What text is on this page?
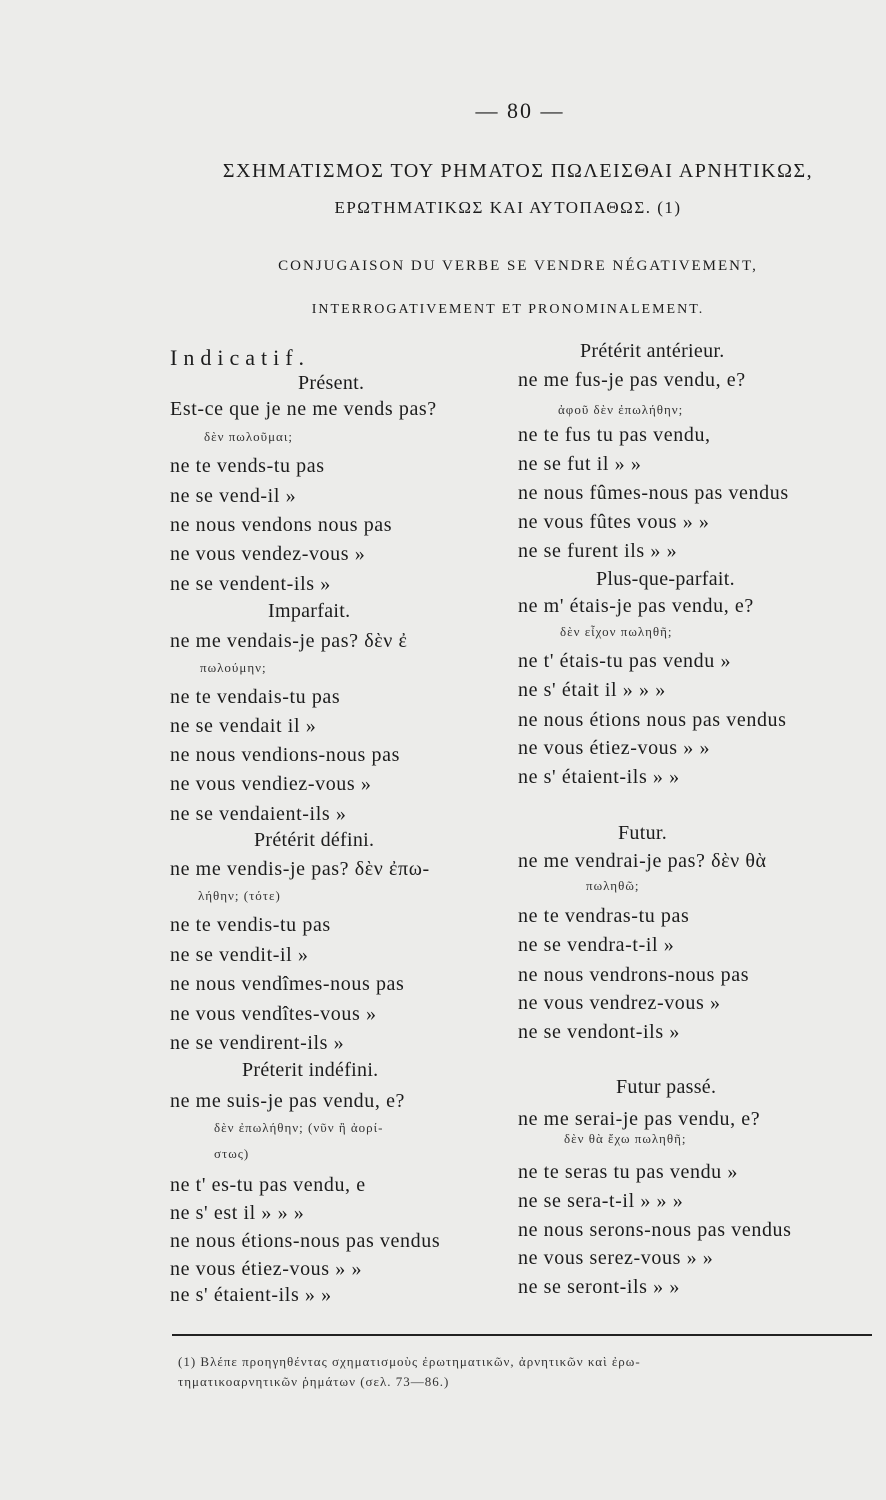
— 80 —
ΣΧΗΜΑΤΙΣΜΟΣ ΤΟΥ ΡΗΜΑΤΟΣ ΠΩΛΕΙΣΘΑΙ ΑΡΝΗΤΙΚΩΣ,
ΕΡΩΤΗΜΑΤΙΚΩΣ ΚΑΙ ΑΥΤΟΠΑΘΩΣ. (1)
CONJUGAISON DU VERBE SE VENDRE NÉGATIVEMENT,
INTERROGATIVEMENT ET PRONOMINALEMENT.
Indicatif.
Présent.
Est-ce que je ne me vends pas?
δὲν πωλοῦμαι;
ne te vends-tu pas
ne se vend-il »
ne nous vendons nous pas
ne vous vendez-vous »
ne se vendent-ils »
Imparfait.
ne me vendais-je pas? δὲν ἐ
πωλούμην;
ne te vendais-tu pas
ne se vendait il »
ne nous vendions-nous pas
ne vous vendiez-vous »
ne se vendaient-ils »
Prétérit défini.
ne me vendis-je pas? δὲν ἐπω-
λήθην; (τότε)
ne te vendis-tu pas
ne se vendit-il »
ne nous vendîmes-nous pas
ne vous vendîtes-vous »
ne se vendirent-ils »
Préterit indéfini.
ne me suis-je pas vendu, e?
δὲν ἐπωλήθην; (νῦν ἢ ἀορί-
στως)
ne t' es-tu pas vendu, e
ne s' est il » » »
ne nous étions-nous pas vendus
ne vous étiez-vous » »
ne s' étaient-ils » »
Prétérit antérieur.
ne me fus-je pas vendu, e?
ἀφοῦ δὲν ἐπωλήθην;
ne te fus tu pas vendu,
ne se fut il » »
ne nous fûmes-nous pas vendus
ne vous fûtes vous » »
ne se furent ils » »
Plus-que-parfait.
ne m' étais-je pas vendu, e?
δὲν εἶχον πωληθῆ;
ne t' étais-tu pas vendu »
ne s' était il » » »
ne nous étions nous pas vendus
ne vous étiez-vous » »
ne s' étaient-ils » »
Futur.
ne me vendrai-je pas? δὲν θὰ
πωληθῶ;
ne te vendras-tu pas
ne se vendra-t-il »
ne nous vendrons-nous pas
ne vous vendrez-vous »
ne se vendont-ils »
Futur passé.
ne me serai-je pas vendu, e?
δὲν θὰ ἔχω πωληθῆ;
ne te seras tu pas vendu »
ne se sera-t-il » » »
ne nous serons-nous pas vendus
ne vous serez-vous » »
ne se seront-ils » »
(1) Βλέπε προηγηθέντας σχηματισμοὺς ἐρωτηματικῶν, ἀρνητικῶν καὶ ἐρω-
τηματικοαρνητικῶν ῥημάτων (σελ. 73—86.)
